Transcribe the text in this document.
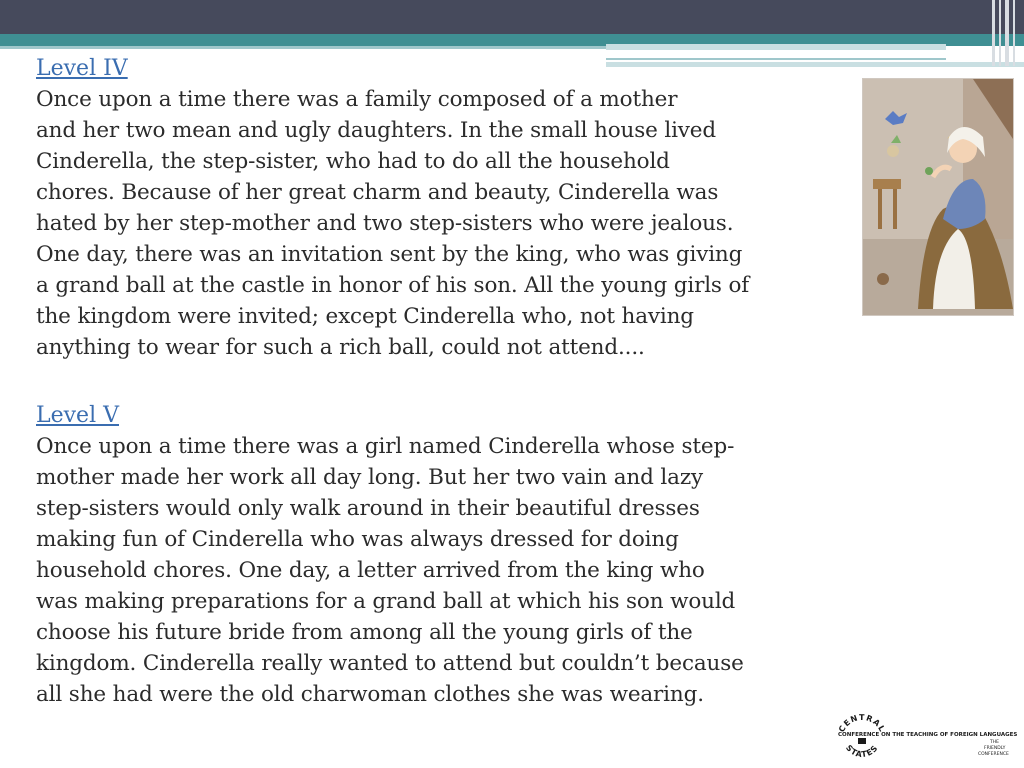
Level IV

Once upon a time there was a family composed of a mother
and her two mean and ugly daughters. In the small house lived
Cinderella, the step-sister, who had to do all the household
chores. Because of her great charm and beauty, Cinderella was
hated by her step-mother and two step-sisters who were jealous.
One day, there was an invitation sent by the king, who was giving
a grand ball at the castle in honor of his son. All the young girls of
the kingdom were invited; except Cinderella who, not having
anything to wear for such a rich ball, could not attend....

Level V

Once upon a time there was a girl named Cinderella whose step-
mother made her work all day long. But her two vain and lazy
step-sisters would only walk around in their beautiful dresses
making fun of Cinderella who was always dressed for doing
household chores. One day, a letter arrived from the king who
was making preparations for a grand ball at which his son would
choose his future bride from among all the young girls of the
kingdom. Cinderella really wanted to attend but couldn’t because
all she had were the old charwoman clothes she was wearing.
CENTRAL
STATES
CONFERENCE ON THE TEACHING OF FOREIGN LANGUAGES
THE
FRIENDLY
CONFERENCE
